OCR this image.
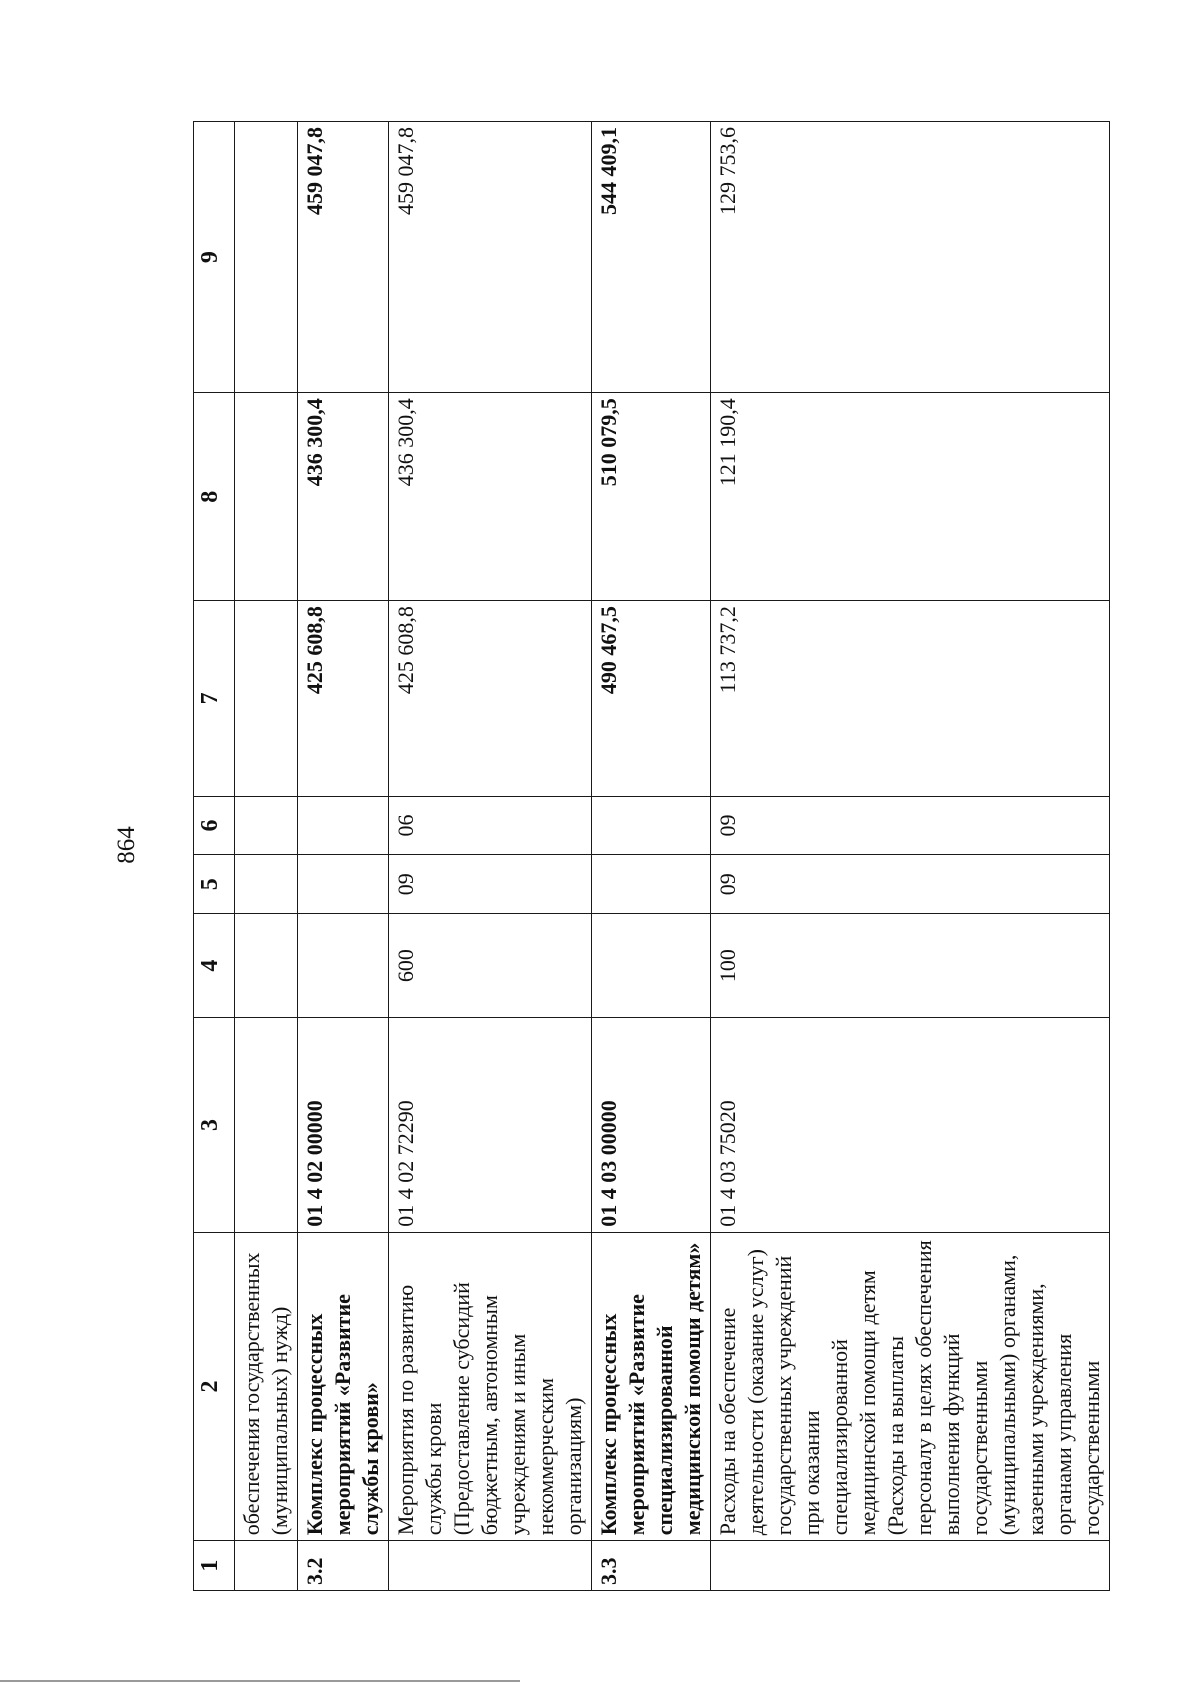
864
1	2	3	4	5	6	7	8	9
	обеспечения государственных (муниципальных) нужд)							
3.2	Комплекс процессных мероприятий «Развитие службы крови»	01 4 02 00000				425 608,8	436 300,4	459 047,8
	Мероприятия по развитию службы крови (Предоставление субсидий бюджетным, автономным учреждениям и иным некоммерческим организациям)	01 4 02 72290	600	09	06	425 608,8	436 300,4	459 047,8
3.3	Комплекс процессных мероприятий «Развитие специализированной медицинской помощи детям»	01 4 03 00000				490 467,5	510 079,5	544 409,1
	Расходы на обеспечение деятельности (оказание услуг) государственных учреждений при оказании специализированной медицинской помощи детям (Расходы на выплаты персоналу в целях обеспечения выполнения функций государственными (муниципальными) органами, казенными учреждениями, органами управления государственными	01 4 03 75020	100	09	09	113 737,2	121 190,4	129 753,6
